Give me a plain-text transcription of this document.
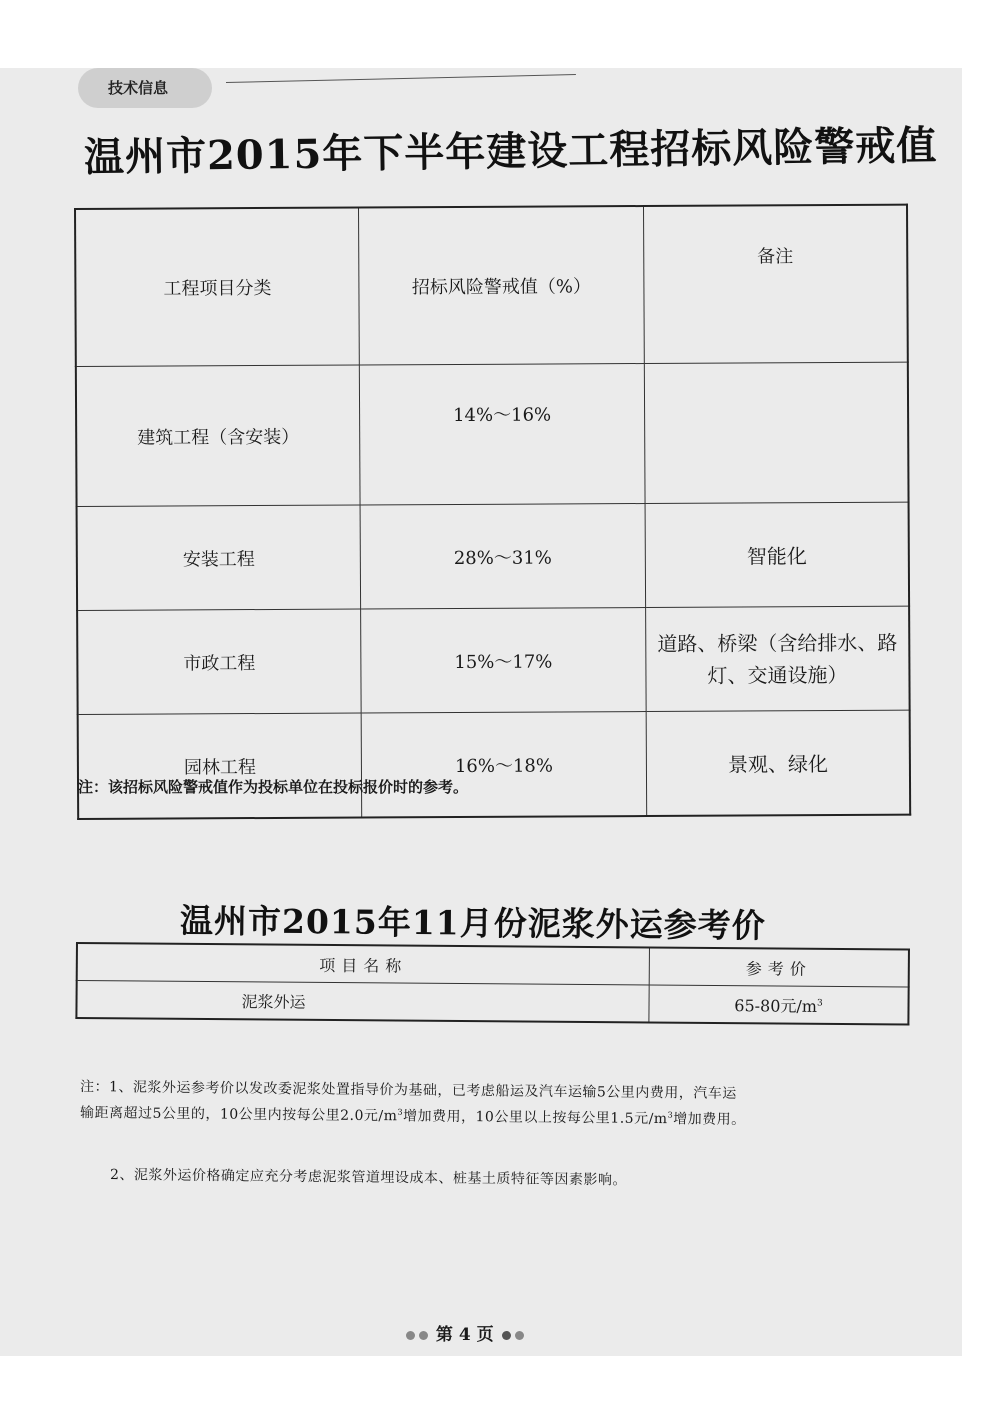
技术信息
温州市2015年下半年建设工程招标风险警戒值
工程项目分类	招标风险警戒值（%）	备注
建筑工程（含安装）	14%～16%	
安装工程	28%～31%	智能化
市政工程	15%～17%	道路、桥梁（含给排水、路
灯、交通设施）

园林工程	16%～18%	景观、绿化
注：该招标风险警戒值作为投标单位在投标报价时的参考。
温州市2015年11月份泥浆外运参考价
项目名称	参考价
泥浆外运	65-80元$/m^3$
注：1、泥浆外运参考价以发改委泥浆处置指导价为基础，已考虑船运及汽车运输5公里内费用，汽车运
输距离超过5公里的，10公里内按每公里2.0元$/m^3$增加费用，10公里以上按每公里1.5元$/m^3$增加费用。
2、泥浆外运价格确定应充分考虑泥浆管道埋设成本、桩基土质特征等因素影响。
第 4 页
